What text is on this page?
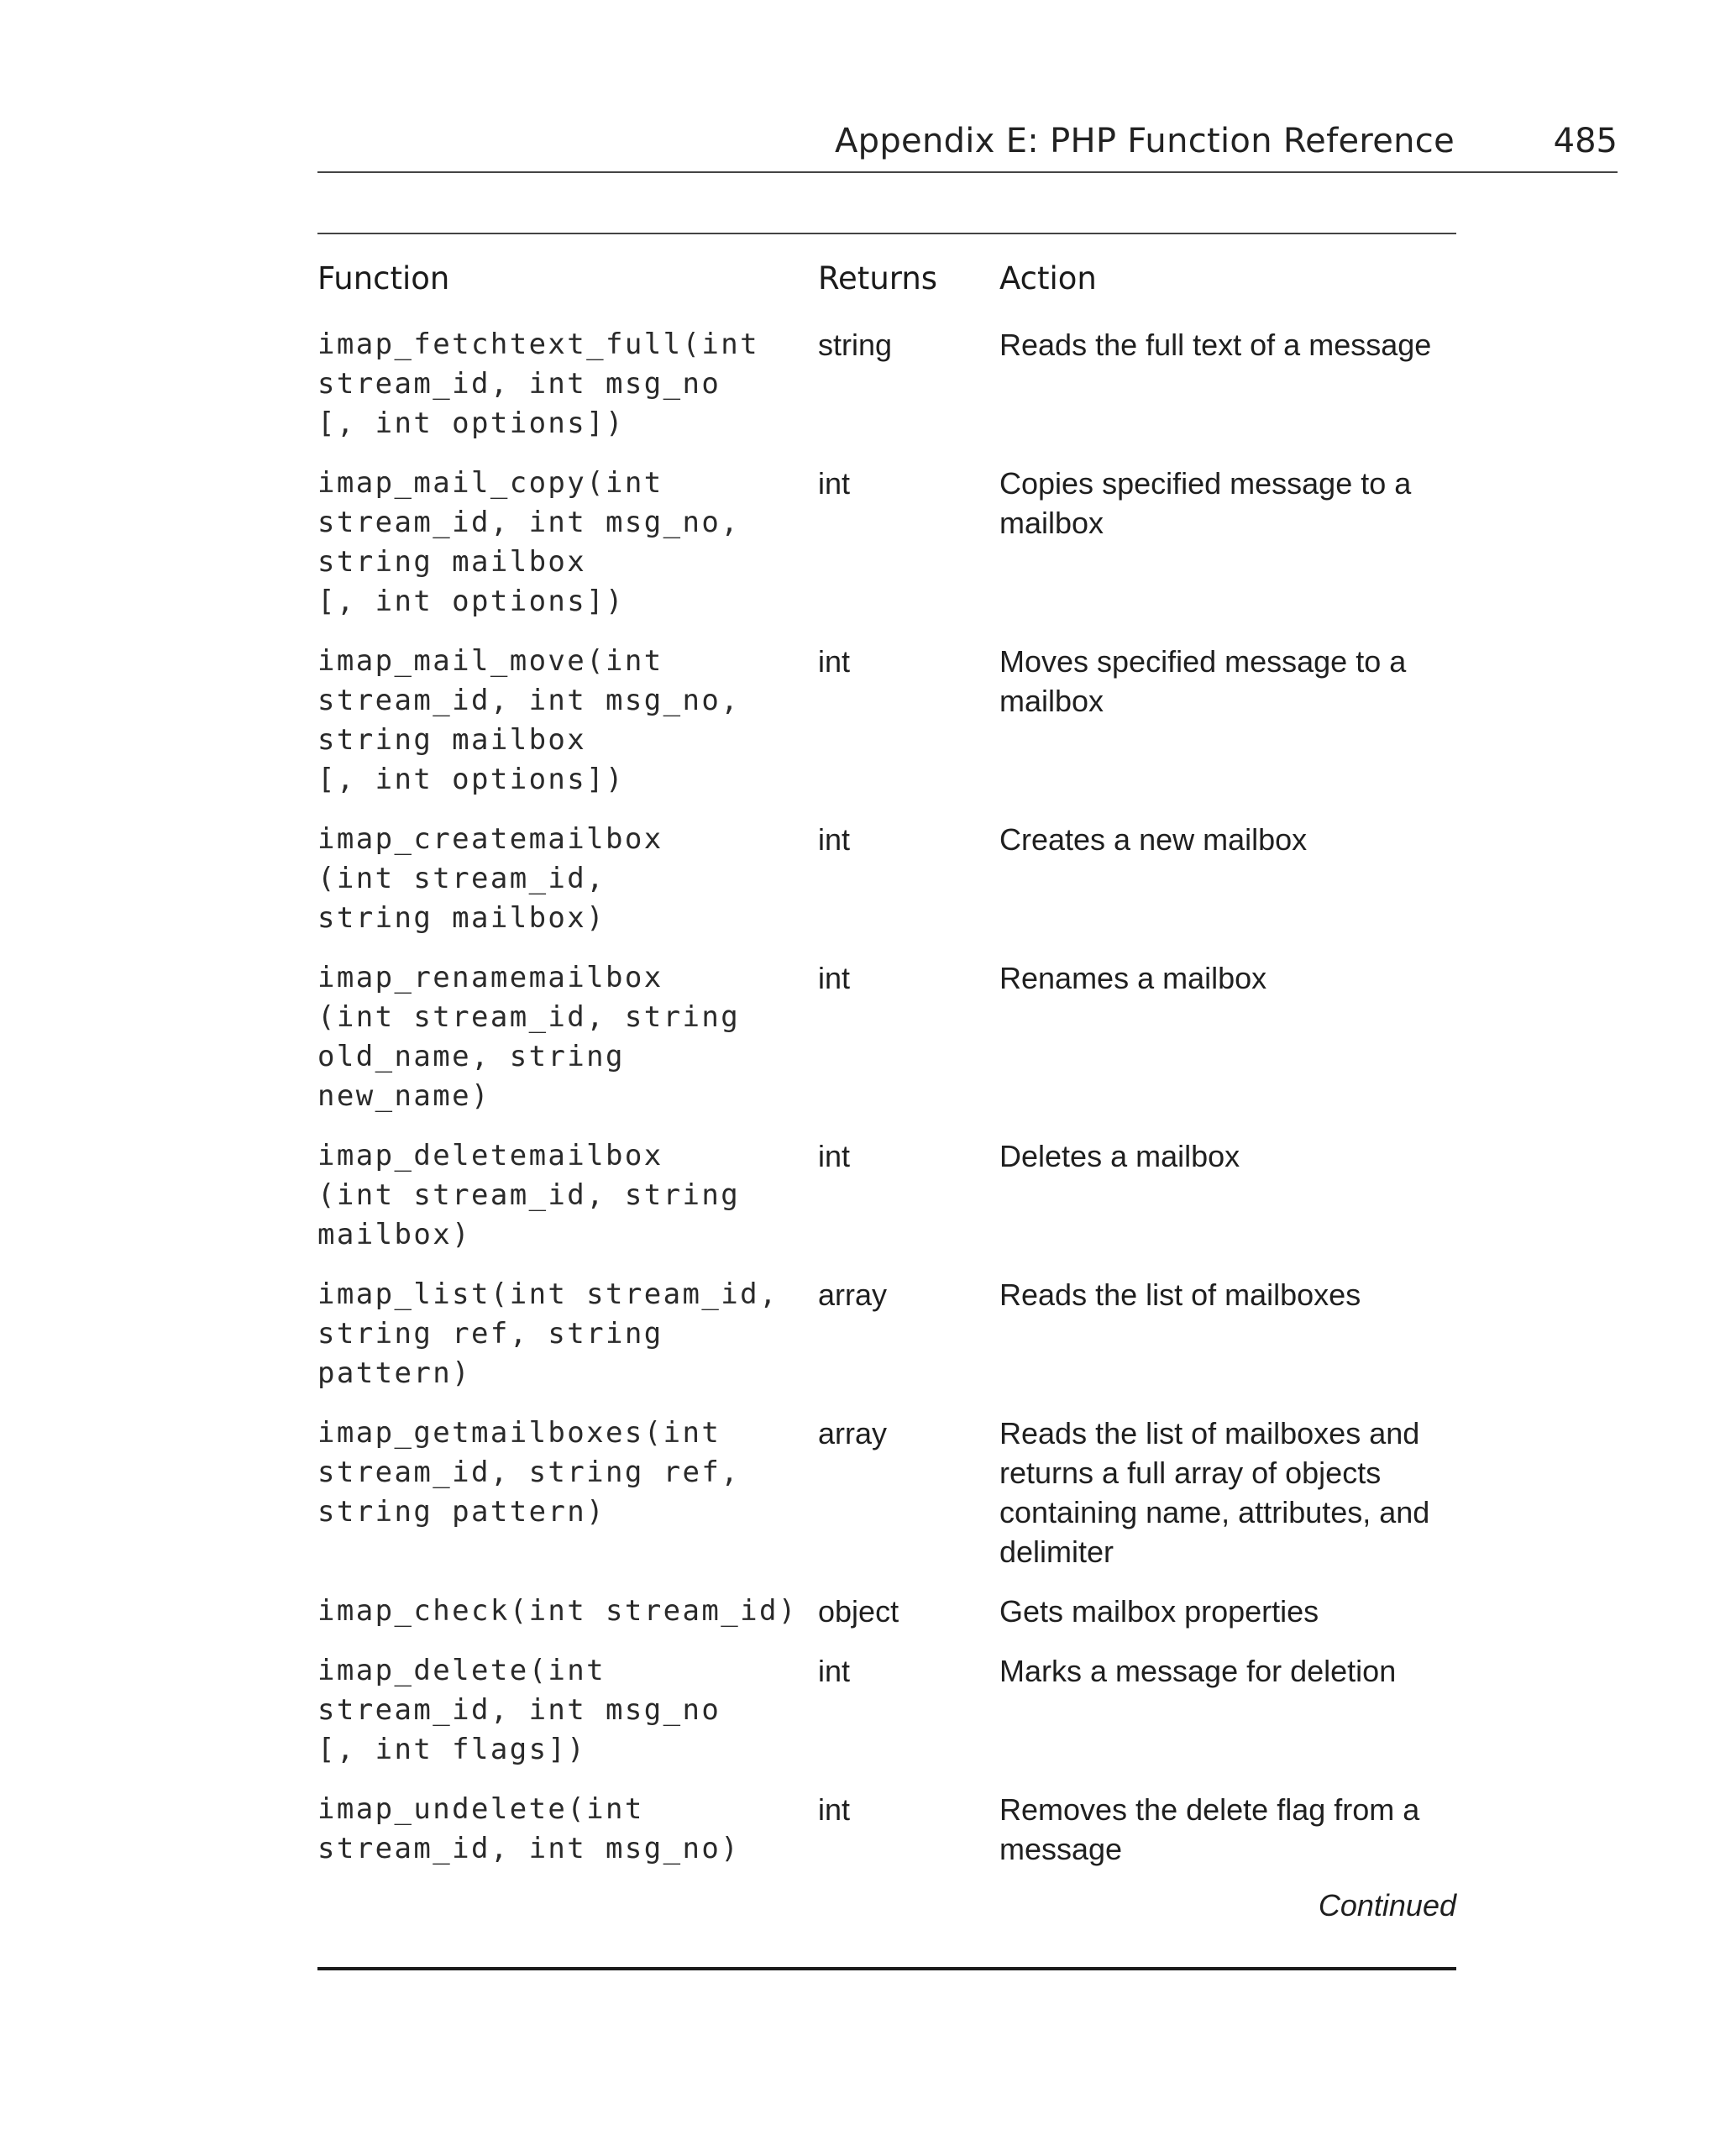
Appendix E: PHP Function Reference	485
Function	Returns	Action
imap_fetchtext_full(int
stream_id, int msg_no
[, int options])
string	Reads the full text of a message
imap_mail_copy(int
stream_id, int msg_no,
string mailbox
[, int options])
int	Copies specified message to a mailbox
imap_mail_move(int
stream_id, int msg_no,
string mailbox
[, int options])
int	Moves specified message to a mailbox
imap_createmailbox
(int stream_id,
string mailbox)
int	Creates a new mailbox
imap_renamemailbox
(int stream_id, string
old_name, string
new_name)
int	Renames a mailbox
imap_deletemailbox
(int stream_id, string
mailbox)
int	Deletes a mailbox
imap_list(int stream_id,
string ref, string
pattern)
array	Reads the list of mailboxes
imap_getmailboxes(int
stream_id, string ref,
string pattern)
array	Reads the list of mailboxes and returns a full array of objects containing name, attributes, and delimiter
imap_check(int stream_id) object	Gets mailbox properties
imap_delete(int
stream_id, int msg_no
[, int flags])
int	Marks a message for deletion
imap_undelete(int
stream_id, int msg_no)
int	Removes the delete flag from a message
Continued
